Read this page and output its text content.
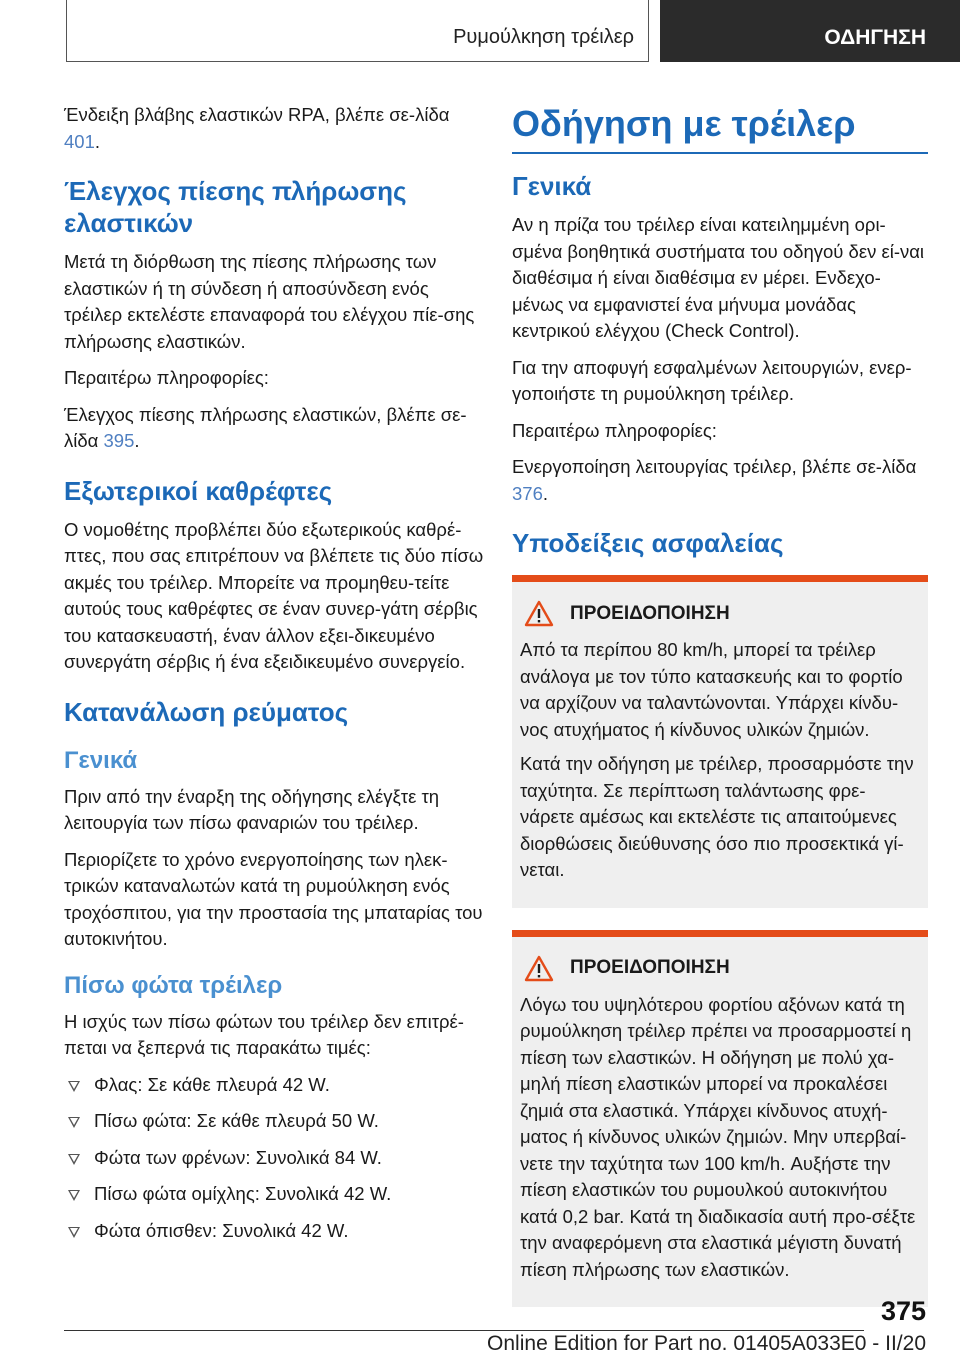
Ρυμούλκηση τρέιλερ	ΟΔΗΓΗΣΗ

Ένδειξη βλάβης ελαστικών RPA, βλέπε σε-λίδα 401.

Έλεγχος πίεσης πλήρωσης ελαστικών

Μετά τη διόρθωση της πίεσης πλήρωσης των ελαστικών ή τη σύνδεση ή αποσύνδεση ενός τρέιλερ εκτελέστε επαναφορά του ελέγχου πίε-σης πλήρωσης ελαστικών.

Περαιτέρω πληροφορίες:

Έλεγχος πίεσης πλήρωσης ελαστικών, βλέπε σε-λίδα 395.

Εξωτερικοί καθρέφτες

Ο νομοθέτης προβλέπει δύο εξωτερικούς καθρέ-πτες, που σας επιτρέπουν να βλέπετε τις δύο πίσω ακμές του τρέιλερ. Μπορείτε να προμηθευ-τείτε αυτούς τους καθρέφτες σε έναν συνερ-γάτη σέρβις του κατασκευαστή, έναν άλλον εξει-δικευμένο συνεργάτη σέρβις ή ένα εξειδικευμένο συνεργείο.

Κατανάλωση ρεύματος
Γενικά

Πριν από την έναρξη της οδήγησης ελέγξτε τη λειτουργία των πίσω φαναριών του τρέιλερ.

Περιορίζετε το χρόνο ενεργοποίησης των ηλεκ-τρικών καταναλωτών κατά τη ρυμούλκηση ενός τροχόσπιτου, για την προστασία της μπαταρίας του αυτοκινήτου.

Πίσω φώτα τρέιλερ

Η ισχύς των πίσω φώτων του τρέιλερ δεν επιτρέ-πεται να ξεπερνά τις παρακάτω τιμές:

Φλας: Σε κάθε πλευρά 42 W.
Πίσω φώτα: Σε κάθε πλευρά 50 W.
Φώτα των φρένων: Συνολικά 84 W.
Πίσω φώτα ομίχλης: Συνολικά 42 W.
Φώτα όπισθεν: Συνολικά 42 W.
Οδήγηση με τρέιλερ
Γενικά

Αν η πρίζα του τρέιλερ είναι κατειλημμένη ορι-σμένα βοηθητικά συστήματα του οδηγού δεν εί-ναι διαθέσιμα ή είναι διαθέσιμα εν μέρει. Ενδεχο-μένως να εμφανιστεί ένα μήνυμα μονάδας κεντρικού ελέγχου (Check Control).

Για την αποφυγή εσφαλμένων λειτουργιών, ενερ-γοποιήστε τη ρυμούλκηση τρέιλερ.

Περαιτέρω πληροφορίες:

Ενεργοποίηση λειτουργίας τρέιλερ, βλέπε σε-λίδα 376.

Υποδείξεις ασφαλείας
ΠΡΟΕΙΔΟΠΟΙΗΣΗ

Από τα περίπου 80 km/h, μπορεί τα τρέιλερ ανάλογα με τον τύπο κατασκευής και το φορτίο να αρχίζουν να ταλαντώνονται. Υπάρχει κίνδυ-νος ατυχήματος ή κίνδυνος υλικών ζημιών.

Κατά την οδήγηση με τρέιλερ, προσαρμόστε την ταχύτητα. Σε περίπτωση ταλάντωσης φρε-νάρετε αμέσως και εκτελέστε τις απαιτούμενες διορθώσεις διεύθυνσης όσο πιο προσεκτικά γί-νεται.

ΠΡΟΕΙΔΟΠΟΙΗΣΗ

Λόγω του υψηλότερου φορτίου αξόνων κατά τη ρυμούλκηση τρέιλερ πρέπει να προσαρμοστεί η πίεση των ελαστικών. Η οδήγηση με πολύ χα-μηλή πίεση ελαστικών μπορεί να προκαλέσει ζημιά στα ελαστικά. Υπάρχει κίνδυνος ατυχή-ματος ή κίνδυνος υλικών ζημιών. Μην υπερβαί-νετε την ταχύτητα των 100 km/h. Αυξήστε την πίεση ελαστικών του ρυμουλκού αυτοκινήτου κατά 0,2 bar. Κατά τη διαδικασία αυτή προ-σέξτε την αναφερόμενη στα ελαστικά μέγιστη δυνατή πίεση πλήρωσης των ελαστικών.

375
Online Edition for Part no. 01405A033E0 - II/20
